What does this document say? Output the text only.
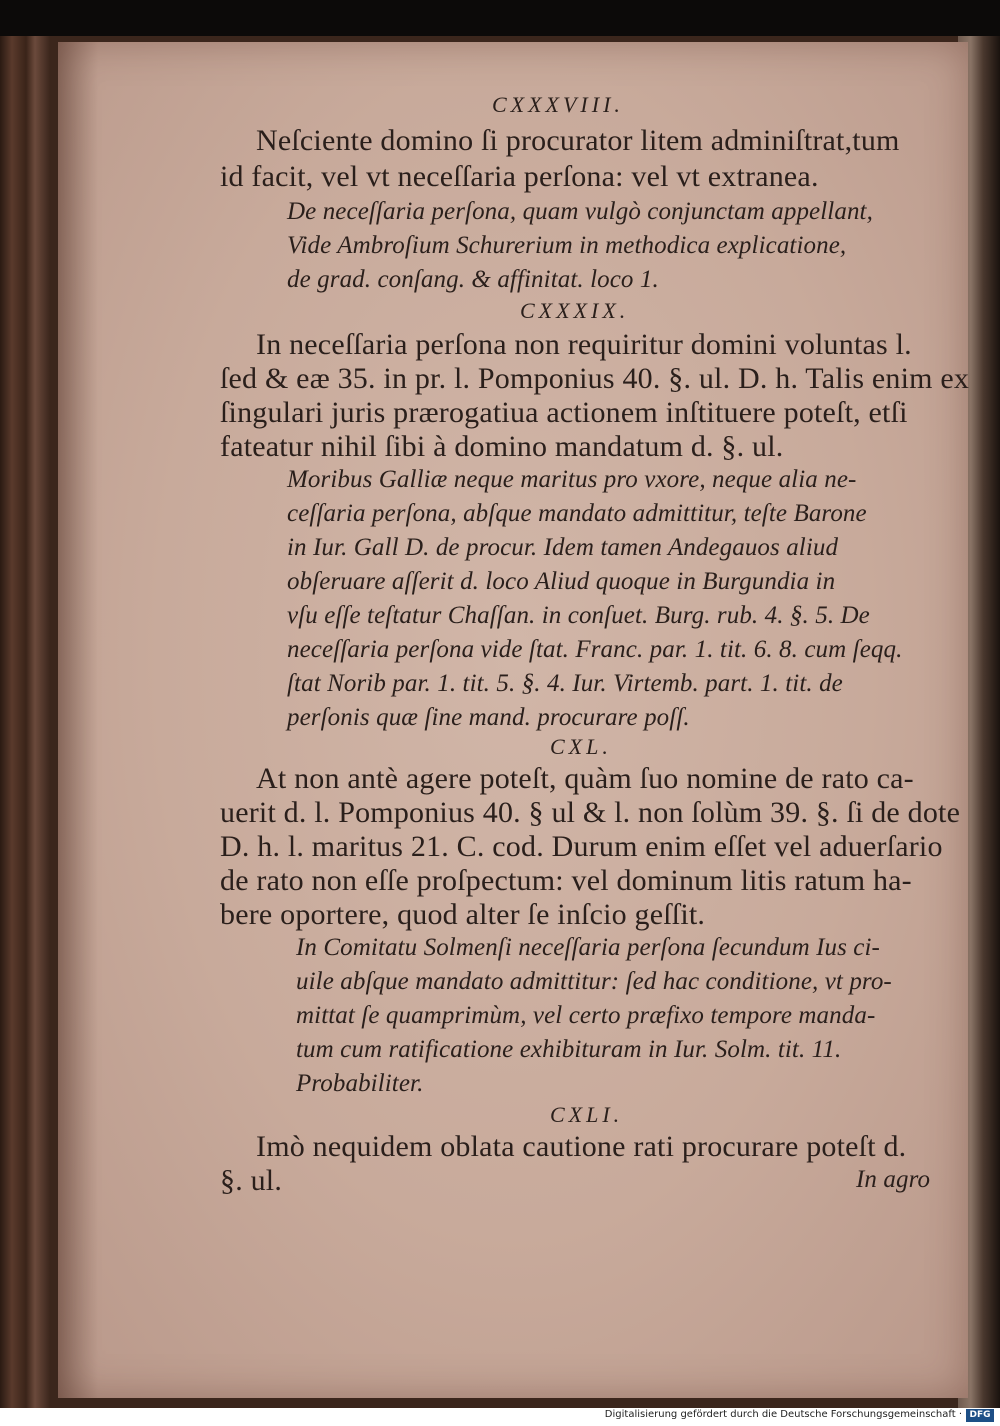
CXXXVIII.
Neſciente domino ſi procurator litem adminiſtrat,tum
id facit, vel vt neceſſaria perſona: vel vt extranea.
De neceſſaria perſona, quam vulgò conjunctam appellant,
Vide Ambroſium Schurerium in methodica explicatione,
de grad. conſang. & affinitat. loco 1.
CXXXIX.
In neceſſaria perſona non requiritur domini voluntas l.
ſed & eæ 35. in pr. l. Pomponius 40. §. ul. D. h. Talis enim ex
ſingulari juris prærogatiua actionem inſtituere poteſt, etſi
fateatur nihil ſibi à domino mandatum d. §. ul.
Moribus Galliæ neque maritus pro vxore, neque alia ne-
ceſſaria perſona, abſque mandato admittitur, teſte Barone
in Iur. Gall D. de procur. Idem tamen Andegauos aliud
obſeruare aſſerit d. loco Aliud quoque in Burgundia in
vſu eſſe teſtatur Chaſſan. in conſuet. Burg. rub. 4. §. 5. De
neceſſaria perſona vide ſtat. Franc. par. 1. tit. 6. 8. cum ſeqq.
ſtat Norib par. 1. tit. 5. §. 4. Iur. Virtemb. part. 1. tit. de
perſonis quæ ſine mand. procurare poſſ.
CXL.
At non antè agere poteſt, quàm ſuo nomine de rato ca-
uerit d. l. Pomponius 40. § ul & l. non ſolùm 39. §. ſi de dote
D. h. l. maritus 21. C. cod. Durum enim eſſet vel aduerſario
de rato non eſſe proſpectum: vel dominum litis ratum ha-
bere oportere, quod alter ſe inſcio geſſit.
In Comitatu Solmenſi neceſſaria perſona ſecundum Ius ci-
uile abſque mandato admittitur: ſed hac conditione, vt pro-
mittat ſe quamprimùm, vel certo præfixo tempore manda-
tum cum ratificatione exhibituram in Iur. Solm. tit. 11.
Probabiliter.
CXLI.
Imò nequidem oblata cautione rati procurare poteſt d.
§. ul.	In agro
Digitalisierung gefördert durch die Deutsche Forschungsgemeinschaft · DFG
